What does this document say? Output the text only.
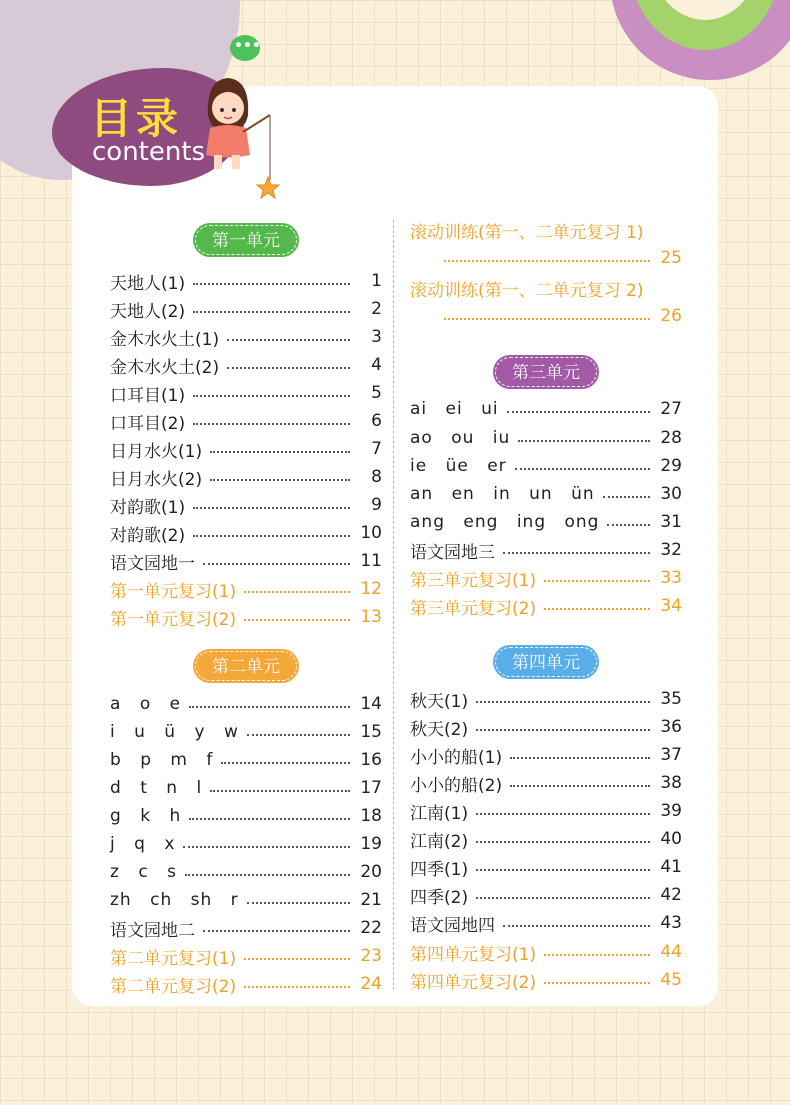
目录
contents
•••
第一单元
天地人(1)	1
天地人(2)	2
金木水火土(1)	3
金木水火土(2)	4
口耳目(1)	5
口耳目(2)	6
日月水火(1)	7
日月水火(2)	8
对韵歌(1)	9
对韵歌(2)	10
语文园地一	11
第一单元复习(1)	12
第一单元复习(2)	13
第二单元
a o e	14
i u ü y w	15
b p m f	16
d t n l	17
g k h	18
j q x	19
z c s	20
zh ch sh r	21
语文园地二	22
第二单元复习(1)	23
第二单元复习(2)	24
滚动训练(第一、二单元复习 1)
25
滚动训练(第一、二单元复习 2)
26
第三单元
ai ei ui	27
ao ou iu	28
ie üe er	29
an en in un ün	30
ang eng ing ong	31
语文园地三	32
第三单元复习(1)	33
第三单元复习(2)	34
第四单元
秋天(1)	35
秋天(2)	36
小小的船(1)	37
小小的船(2)	38
江南(1)	39
江南(2)	40
四季(1)	41
四季(2)	42
语文园地四	43
第四单元复习(1)	44
第四单元复习(2)	45
